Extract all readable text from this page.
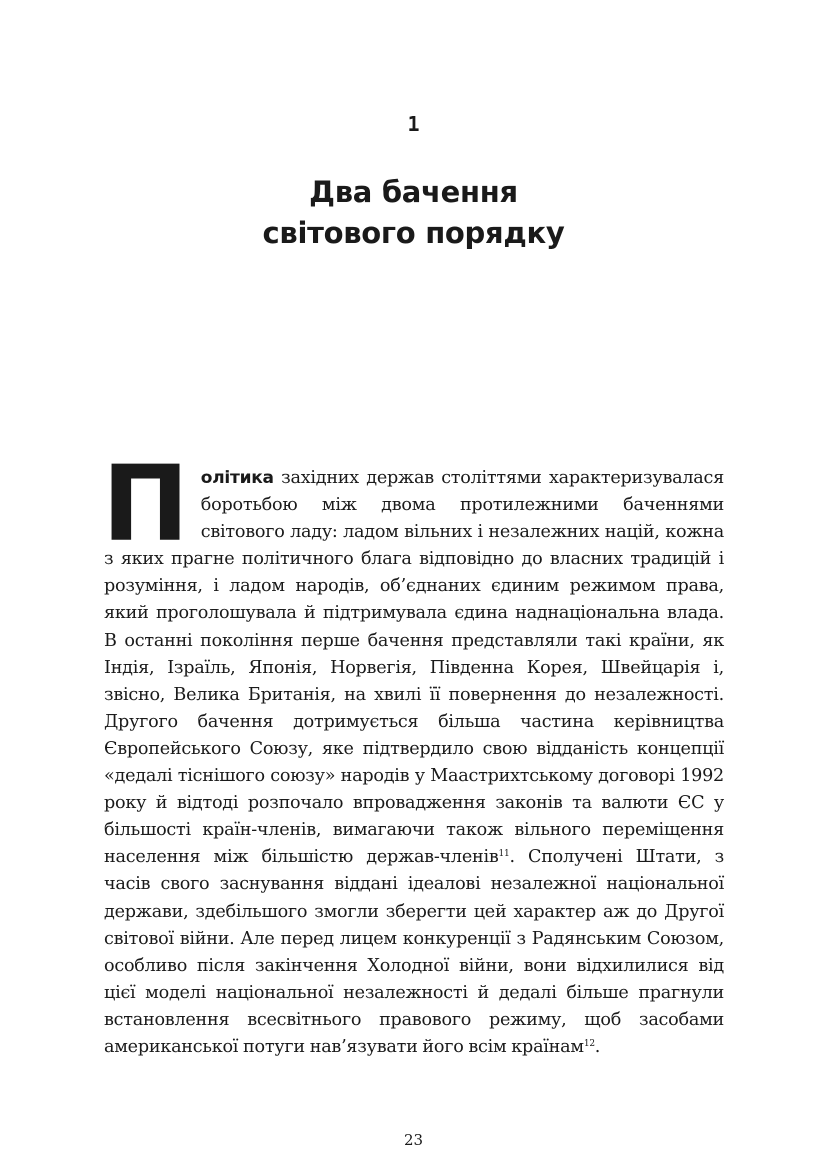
1
Два бачення
світового порядку

Політика західних держав століттями характеризувалася боротьбою між двома протилежними баченнями світового ладу: ладом вільних і незалежних націй, кожна з яких прагне політичного блага відповідно до власних традицій і розуміння, і ладом народів, об’єднаних єдиним режимом права, який проголошувала й підтримувала єдина наднаціональна влада. В останні покоління перше бачення представляли такі країни, як Індія, Ізраїль, Японія, Норвегія, Південна Корея, Швейцарія і, звісно, Велика Британія, на хвилі її повернення до незалежності. Другого бачення дотримується більша частина керівництва Європейського Союзу, яке підтвердило свою відданість концепції «дедалі тіснішого союзу» народів у Маастрихтському договорі 1992 року й відтоді розпочало впровадження законів та валюти ЄС у більшості країн-членів, вимагаючи також вільного переміщення населення між більшістю держав-членів$^{11}$. Сполучені Штати, з часів свого заснування віддані ідеалові незалежної національної держави, здебільшого змогли зберегти цей характер аж до Другої світової війни. Але перед лицем конкуренції з Радянським Союзом, особливо після закінчення Холодної війни, вони відхилилися від цієї моделі національної незалежності й дедалі більше прагнули встановлення всесвітнього правового режиму, щоб засобами американської потуги нав’язувати його всім країнам$^{12}$.

23
